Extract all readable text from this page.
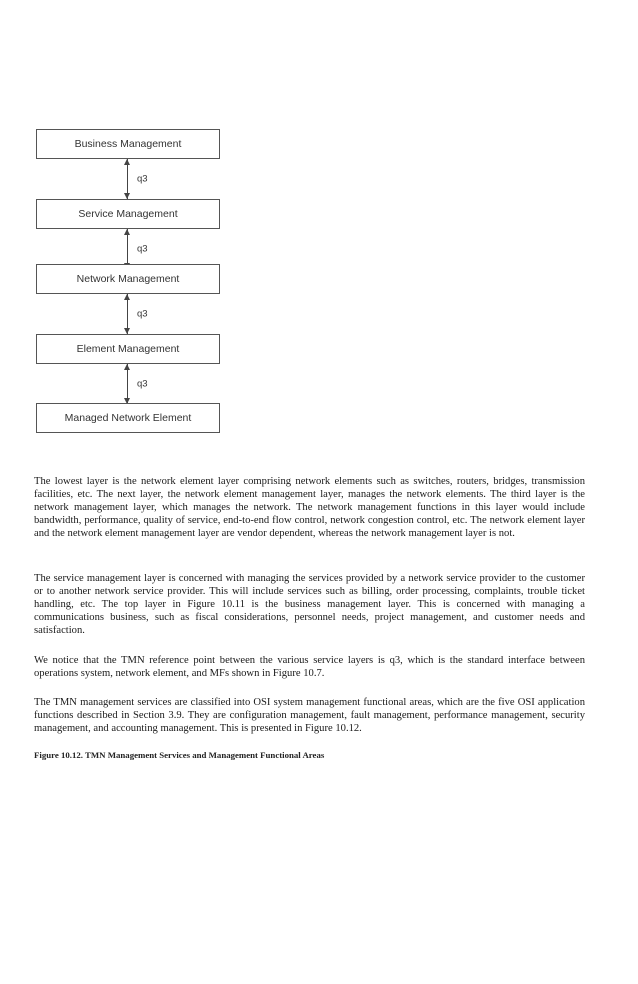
Business Management
q3
Service Management
q3
Network Management
q3
Element Management
q3
Managed Network Element

The lowest layer is the network element layer comprising network elements such as switches, routers, bridges, transmission facilities, etc. The next layer, the network element management layer, manages the network elements. The third layer is the network management layer, which manages the network. The network management functions in this layer would include bandwidth, performance, quality of service, end-to-end flow control, network congestion control, etc. The network element layer and the network element management layer are vendor dependent, whereas the network management layer is not.

The service management layer is concerned with managing the services provided by a network service provider to the customer or to another network service provider. This will include services such as billing, order processing, complaints, trouble ticket handling, etc. The top layer in Figure 10.11 is the business management layer. This is concerned with managing a communications business, such as fiscal considerations, personnel needs, project management, and customer needs and satisfaction.

We notice that the TMN reference point between the various service layers is q3, which is the standard interface between operations system, network element, and MFs shown in Figure 10.7.

The TMN management services are classified into OSI system management functional areas, which are the five OSI application functions described in Section 3.9. They are configuration management, fault management, performance management, security management, and accounting management. This is presented in Figure 10.12.

Figure 10.12. TMN Management Services and Management Functional Areas
